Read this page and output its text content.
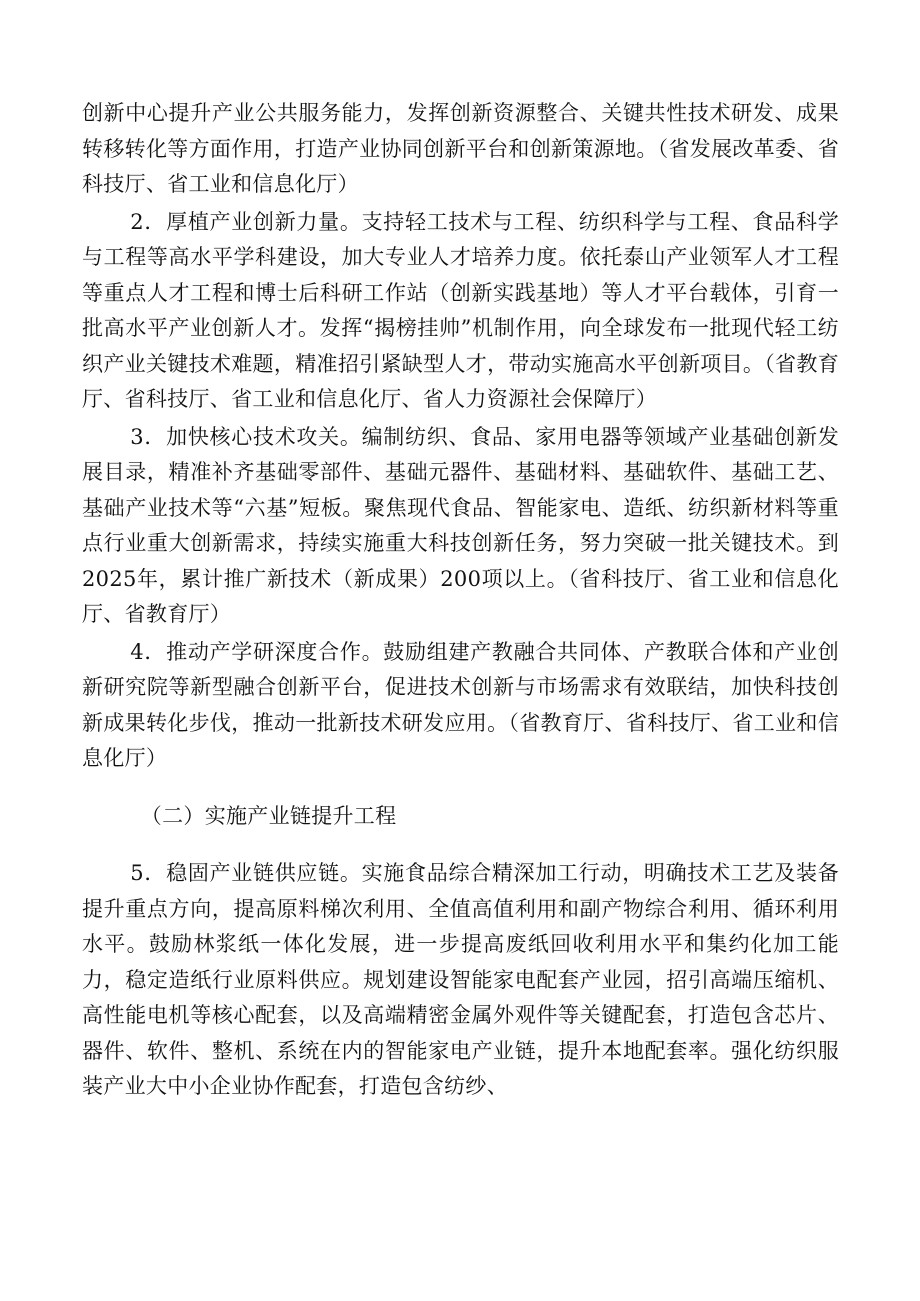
创新中心提升产业公共服务能力，发挥创新资源整合、关键共性技术研发、成果转移转化等方面作用，打造产业协同创新平台和创新策源地。（省发展改革委、省科技厅、省工业和信息化厅）

2．厚植产业创新力量。支持轻工技术与工程、纺织科学与工程、食品科学与工程等高水平学科建设，加大专业人才培养力度。依托泰山产业领军人才工程等重点人才工程和博士后科研工作站（创新实践基地）等人才平台载体，引育一批高水平产业创新人才。发挥“揭榜挂帅”机制作用，向全球发布一批现代轻工纺织产业关键技术难题，精准招引紧缺型人才，带动实施高水平创新项目。（省教育厅、省科技厅、省工业和信息化厅、省人力资源社会保障厅）

3．加快核心技术攻关。编制纺织、食品、家用电器等领域产业基础创新发展目录，精准补齐基础零部件、基础元器件、基础材料、基础软件、基础工艺、基础产业技术等“六基”短板。聚焦现代食品、智能家电、造纸、纺织新材料等重点行业重大创新需求，持续实施重大科技创新任务，努力突破一批关键技术。到2025年，累计推广新技术（新成果）200项以上。（省科技厅、省工业和信息化厅、省教育厅）

4．推动产学研深度合作。鼓励组建产教融合共同体、产教联合体和产业创新研究院等新型融合创新平台，促进技术创新与市场需求有效联结，加快科技创新成果转化步伐，推动一批新技术研发应用。（省教育厅、省科技厅、省工业和信息化厅）

（二）实施产业链提升工程

5．稳固产业链供应链。实施食品综合精深加工行动，明确技术工艺及装备提升重点方向，提高原料梯次利用、全值高值利用和副产物综合利用、循环利用水平。鼓励林浆纸一体化发展，进一步提高废纸回收利用水平和集约化加工能力，稳定造纸行业原料供应。规划建设智能家电配套产业园，招引高端压缩机、高性能电机等核心配套，以及高端精密金属外观件等关键配套，打造包含芯片、器件、软件、整机、系统在内的智能家电产业链，提升本地配套率。强化纺织服装产业大中小企业协作配套，打造包含纺纱、
